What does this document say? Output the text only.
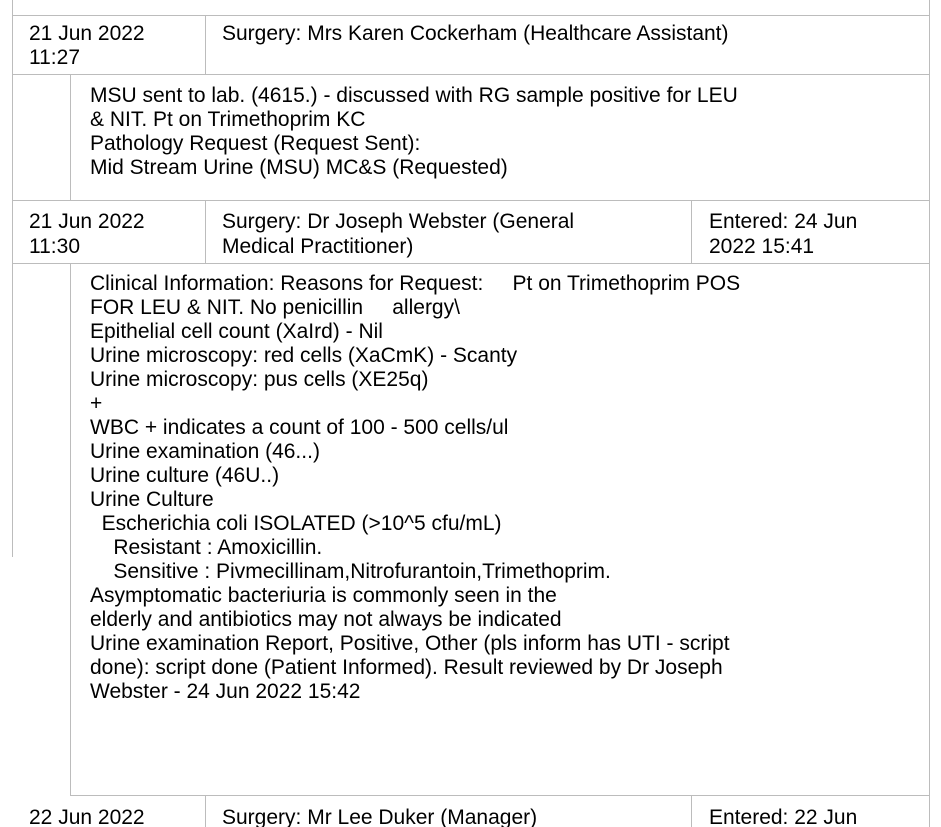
21 Jun 2022
11:27
Surgery: Mrs Karen Cockerham (Healthcare Assistant)
MSU sent to lab. (4615.) - discussed with RG sample positive for LEU
& NIT. Pt on Trimethoprim KC
Pathology Request (Request Sent):
Mid Stream Urine (MSU) MC&S (Requested)
21 Jun 2022
11:30
Surgery: Dr Joseph Webster (General
Medical Practitioner)
Entered: 24 Jun
2022 15:41
Clinical Information: Reasons for Request:     Pt on Trimethoprim POS
FOR LEU & NIT. No penicillin     allergy\
Epithelial cell count (XaIrd) - Nil
Urine microscopy: red cells (XaCmK) - Scanty
Urine microscopy: pus cells (XE25q)
+
WBC + indicates a count of 100 - 500 cells/ul
Urine examination (46...)
Urine culture (46U..)
Urine Culture
Escherichia coli ISOLATED (>10^5 cfu/mL)
Resistant : Amoxicillin.
Sensitive : Pivmecillinam,Nitrofurantoin,Trimethoprim.
Asymptomatic bacteriuria is commonly seen in the
elderly and antibiotics may not always be indicated
Urine examination Report, Positive, Other (pls inform has UTI - script
done): script done (Patient Informed). Result reviewed by Dr Joseph
Webster - 24 Jun 2022 15:42
22 Jun 2022	Surgery: Mr Lee Duker (Manager)	Entered: 22 Jun
